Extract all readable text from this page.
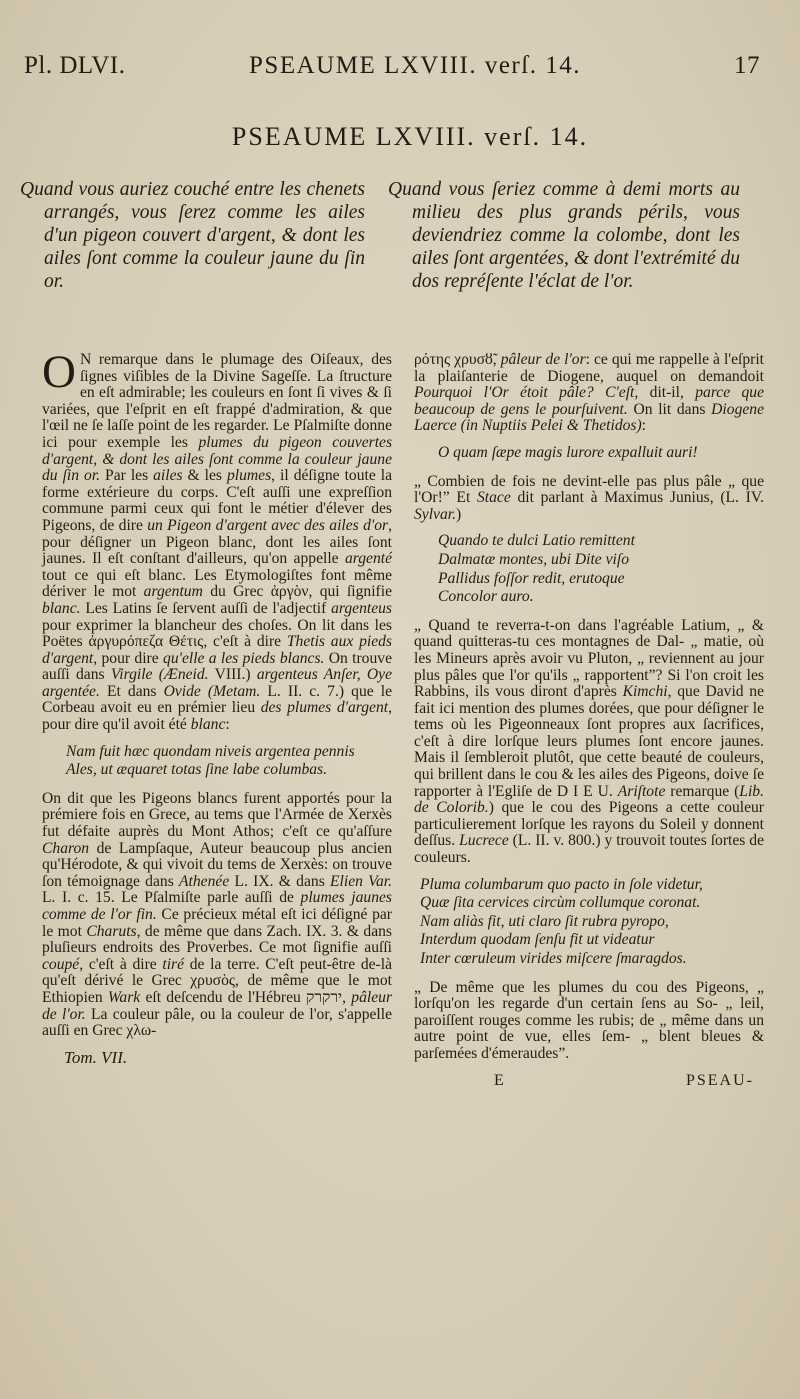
Pl. DLVI.	PSEAUME LXVIII. verſ. 14.	17
PSEAUME LXVIII. verſ. 14.
Quand vous auriez couché entre les chenets arrangés, vous ſerez comme les ailes d'un pigeon couvert d'argent, & dont les ailes ſont comme la couleur jaune du ſin or.
Quand vous ſeriez comme à demi morts au milieu des plus grands périls, vous deviendriez comme la colombe, dont les ailes ſont argentées, & dont l'extrémité du dos repréſente l'éclat de l'or.

O N remarque dans le plumage des Oiſeaux, des ſignes viſibles de la Divine Sageſſe. La ſtructure en eſt admirable; les couleurs en ſont ſi vives & ſi variées, que l'eſprit en eſt frappé d'admiration, & que l'œil ne ſe laſſe point de les regarder. Le Pſalmiſte donne ici pour exemple les plumes du pigeon couvertes d'argent, & dont les ailes ſont comme la couleur jaune du ſin or. Par les ailes & les plumes, il déſigne toute la forme extérieure du corps. C'eſt auſſi une expreſſion commune parmi ceux qui font le métier d'élever des Pigeons, de dire un Pigeon d'argent avec des ailes d'or, pour déſigner un Pigeon blanc, dont les ailes ſont jaunes. Il eſt conſtant d'ailleurs, qu'on appelle argenté tout ce qui eſt blanc. Les Etymologiſtes font même dériver le mot argentum du Grec ἀργὸν, qui ſignifie blanc. Les Latins ſe ſervent auſſi de l'adjectif argenteus pour exprimer la blancheur des choſes. On lit dans les Poëtes ἀργυρόπεζα Θέτις, c'eſt à dire Thetis aux pieds d'argent, pour dire qu'elle a les pieds blancs. On trouve auſſi dans Virgile (Æneid. VIII.) argenteus Anſer, Oye argentée. Et dans Ovide (Metam. L. II. c. 7.) que le Corbeau avoit eu en prémier lieu des plumes d'argent, pour dire qu'il avoit été blanc:

Nam fuit hæc quondam niveis argentea pennis
Ales, ut æquaret totas ſine labe columbas.

On dit que les Pigeons blancs furent apportés pour la prémiere fois en Grece, au tems que l'Armée de Xerxès fut défaite auprès du Mont Athos; c'eſt ce qu'aſſure Charon de Lampſaque, Auteur beaucoup plus ancien qu'Hérodote, & qui vivoit du tems de Xerxès: on trouve ſon témoignage dans Athenée L. IX. & dans Elien Var. L. I. c. 15. Le Pſalmiſte parle auſſi de plumes jaunes comme de l'or fin. Ce précieux métal eſt ici déſigné par le mot Charuts, de même que dans Zach. IX. 3. & dans pluſieurs endroits des Proverbes. Ce mot ſignifie auſſi coupé, c'eſt à dire tiré de la terre. C'eſt peut-être de-là qu'eſt dérivé le Grec χρυσὸς, de même que le mot Ethiopien Wark eſt deſcendu de l'Hébreu ירקרק, pâleur de l'or. La couleur pâle, ou la couleur de l'or, s'appelle auſſi en Grec χλω-

Tom. VII.

ρότης χρυσȣ̃, pâleur de l'or: ce qui me rappelle à l'eſprit la plaiſanterie de Diogene, auquel on demandoit Pourquoi l'Or étoit pâle? C'eſt, dit-il, parce que beaucoup de gens le pourſuivent. On lit dans Diogene Laerce (in Nuptiis Pelei & Thetidos):

O quam ſæpe magis lurore expalluit auri!

„ Combien de fois ne devint-elle pas plus pâle „ que l'Or!” Et Stace dit parlant à Maximus Junius, (L. IV. Sylvar.)

Quando te dulci Latio remittent
Dalmatæ montes, ubi Dite viſo
Pallidus foſſor redit, erutoque
Concolor auro.

„ Quand te reverra-t-on dans l'agréable Latium, „ & quand quitteras-tu ces montagnes de Dal- „ matie, où les Mineurs après avoir vu Pluton, „ reviennent au jour plus pâles que l'or qu'ils „ rapportent”? Si l'on croit les Rabbins, ils vous diront d'après Kimchi, que David ne fait ici mention des plumes dorées, que pour déſigner le tems où les Pigeonneaux ſont propres aux ſacrifices, c'eſt à dire lorſque leurs plumes ſont encore jaunes. Mais il ſembleroit plutôt, que cette beauté de couleurs, qui brillent dans le cou & les ailes des Pigeons, doive ſe rapporter à l'Egliſe de D I E U. Ariſtote remarque (Lib. de Colorib.) que le cou des Pigeons a cette couleur particulierement lorſque les rayons du Soleil y donnent deſſus. Lucrece (L. II. v. 800.) y trouvoit toutes ſortes de couleurs.

Pluma columbarum quo pacto in ſole videtur,
Quæ ſita cervices circùm collumque coronat.
Nam aliàs fit, uti claro ſit rubra pyropo,
Interdum quodam ſenſu fit ut videatur
Inter cœruleum virides miſcere ſmaragdos.

„ De même que les plumes du cou des Pigeons, „ lorſqu'on les regarde d'un certain ſens au So- „ leil, paroiſſent rouges comme les rubis; de „ même dans un autre point de vue, elles ſem- „ blent bleues & parſemées d'émeraudes”.

E	PSEAU-
